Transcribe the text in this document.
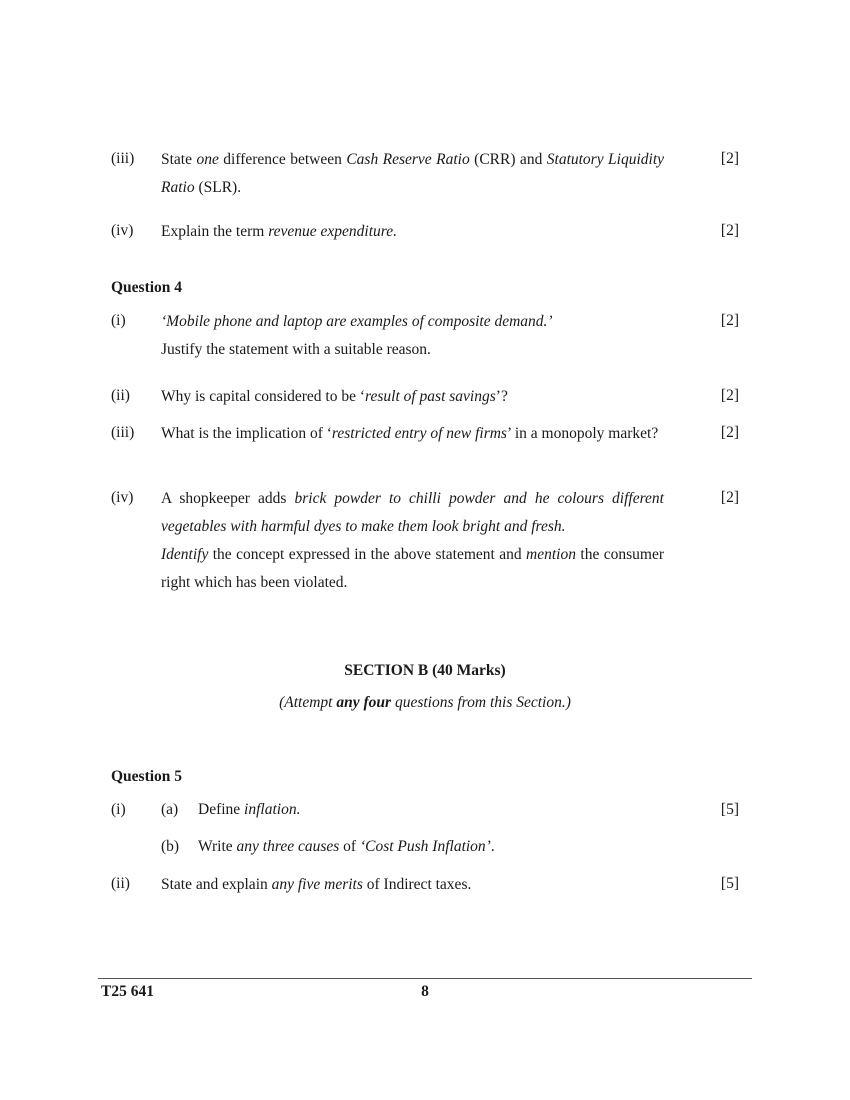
(iii) State one difference between Cash Reserve Ratio (CRR) and Statutory Liquidity Ratio (SLR).
[2]
(iv) Explain the term revenue expenditure.	[2]
Question 4
(i) ‘Mobile phone and laptop are examples of composite demand.’
Justify the statement with a suitable reason.
[2]
(ii) Why is capital considered to be ‘result of past savings’?	[2]
(iii) What is the implication of ‘restricted entry of new firms’ in a monopoly market?	[2]
(iv) A shopkeeper adds brick powder to chilli powder and he colours different vegetables with harmful dyes to make them look bright and fresh.
Identify the concept expressed in the above statement and mention the consumer right which has been violated.
[2]
SECTION B (40 Marks)
(Attempt any four questions from this Section.)
Question 5
(i) (a) Define inflation.	[5]
(b) Write any three causes of ‘Cost Push Inflation’.
(ii) State and explain any five merits of Indirect taxes.	[5]
T25 641	8
